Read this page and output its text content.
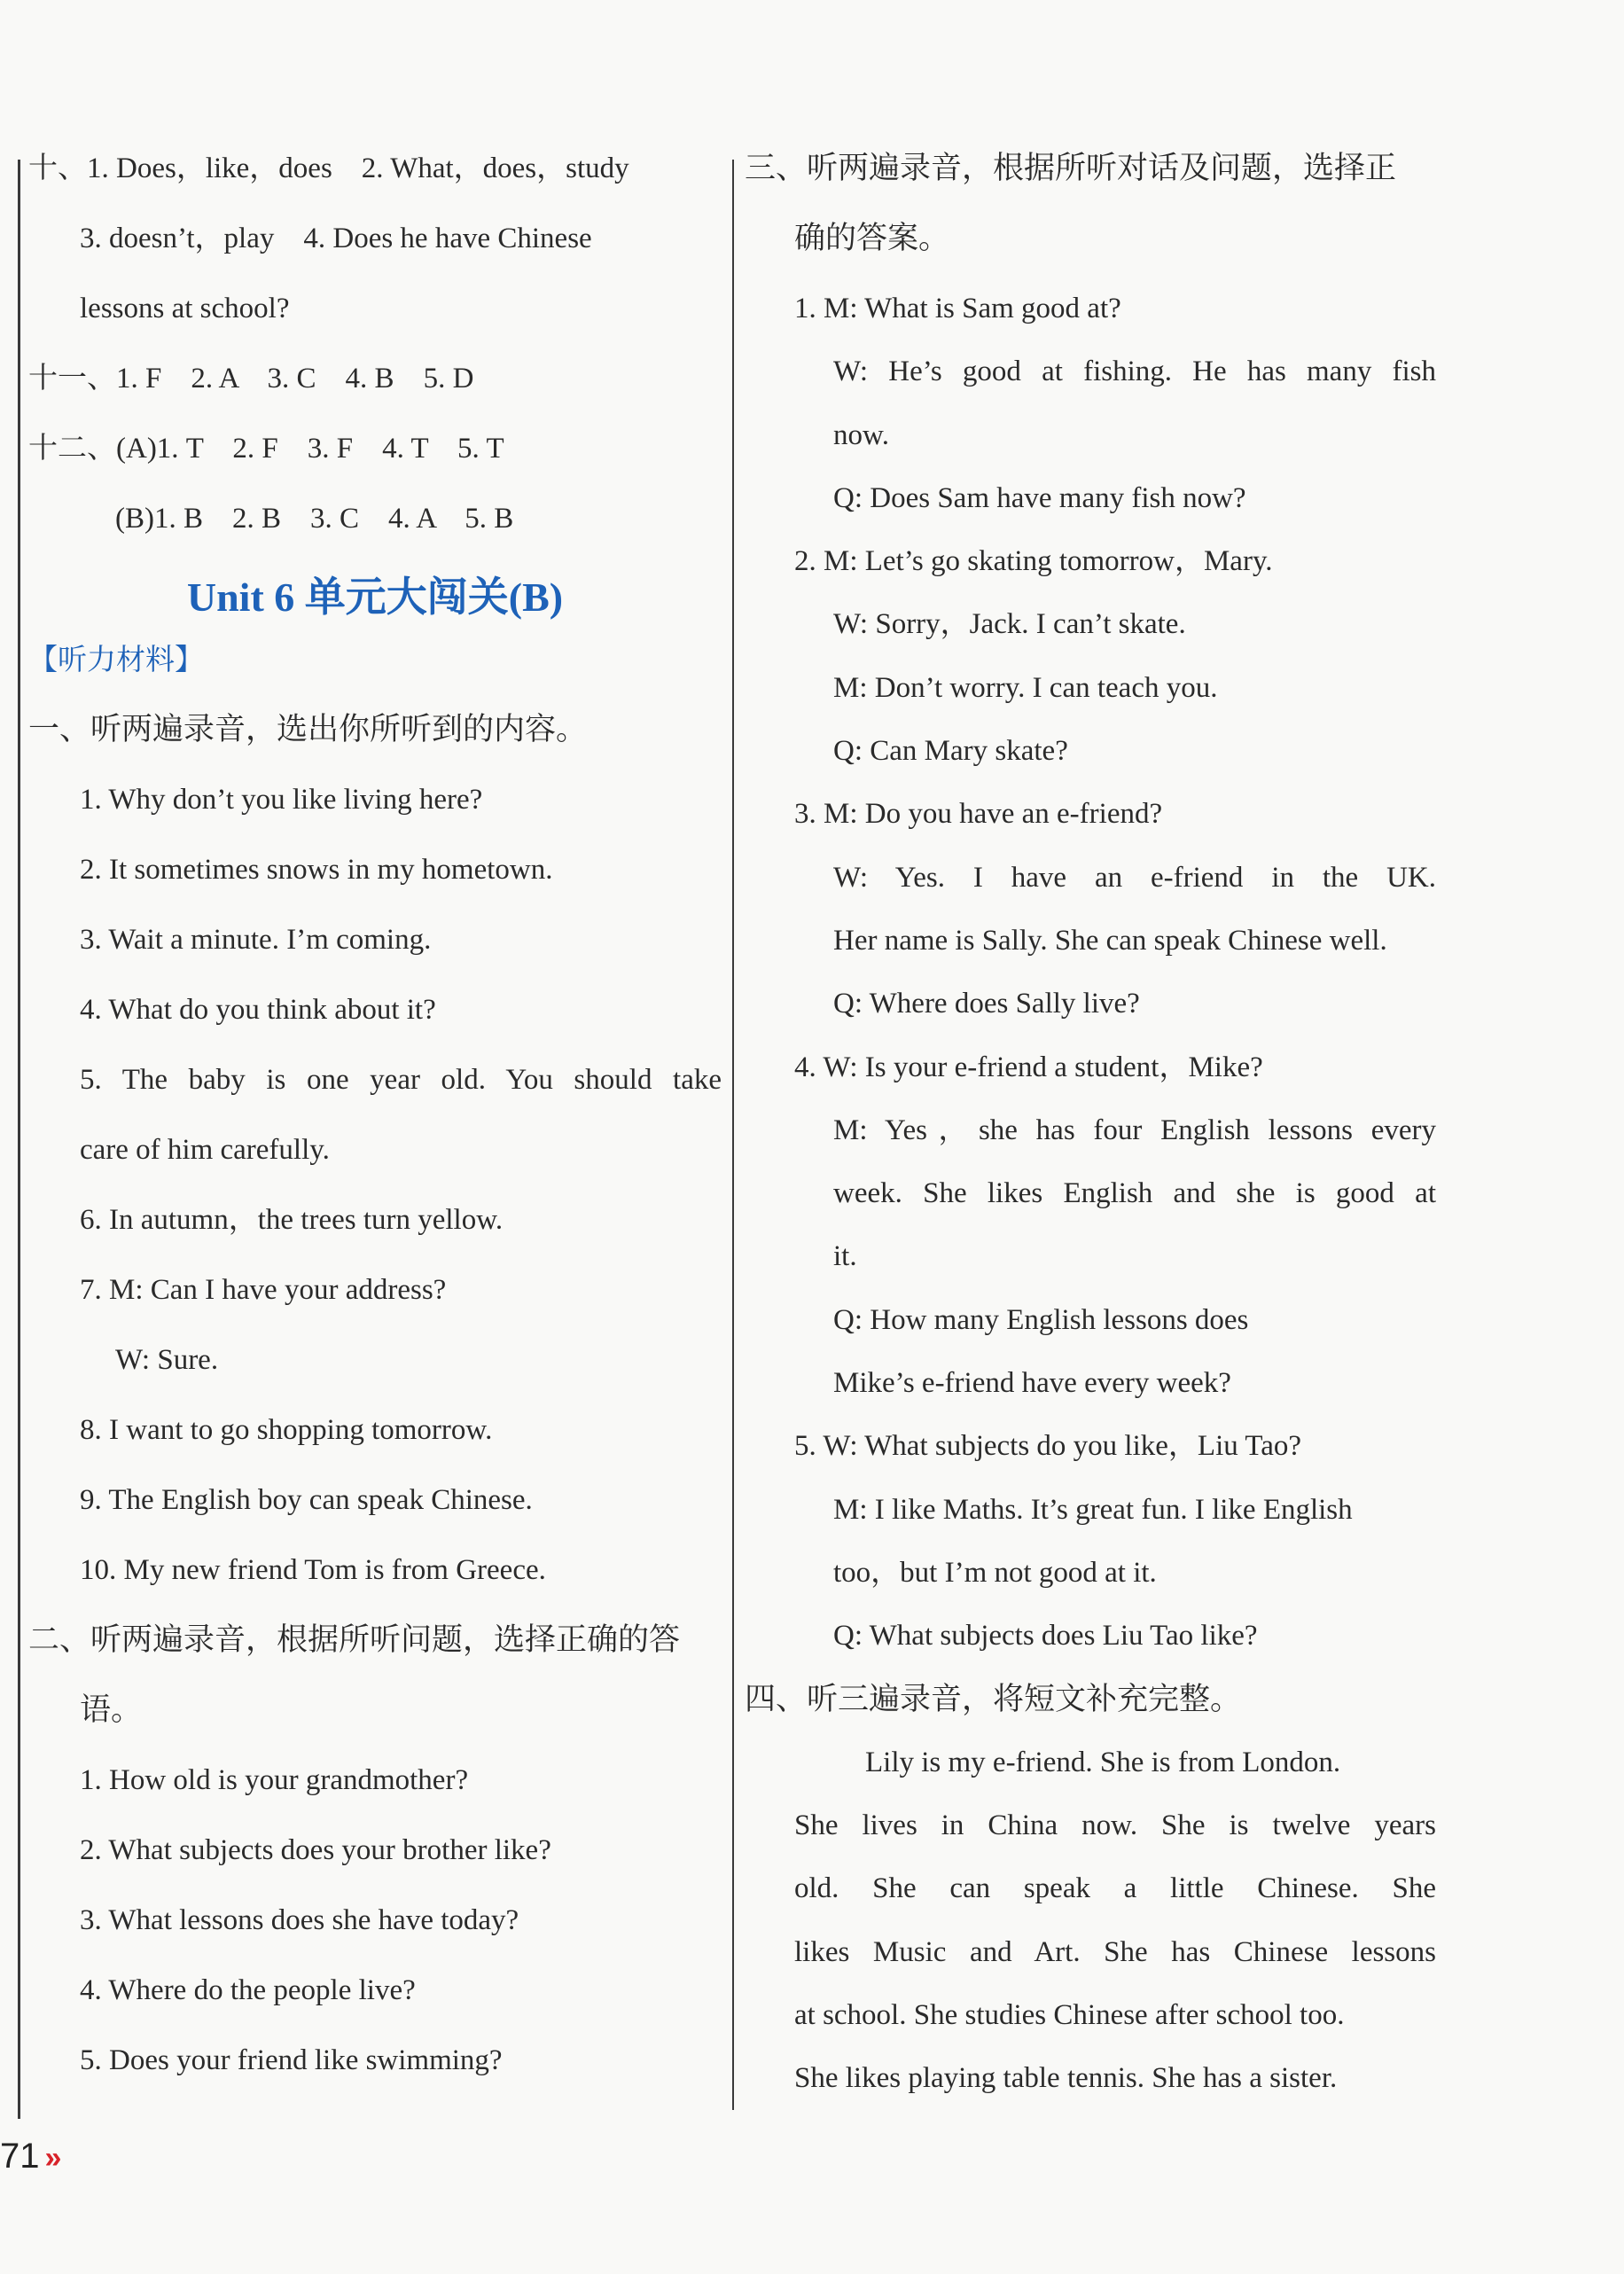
十、1. Does，like，does　2. What，does，study
3. doesn’t，play　4. Does he have Chinese
lessons at school?
十一、1. F　2. A　3. C　4. B　5. D
十二、(A)1. T　2. F　3. F　4. T　5. T
(B)1. B　2. B　3. C　4. A　5. B
Unit 6 单元大闯关(B)
【听力材料】
一、听两遍录音，选出你所听到的内容。
1. Why don’t you like living here?
2. It sometimes snows in my hometown.
3. Wait a minute. I’m coming.
4. What do you think about it?
5. The baby is one year old. You should take
care of him carefully.
6. In autumn，the trees turn yellow.
7. M: Can I have your address?
W: Sure.
8. I want to go shopping tomorrow.
9. The English boy can speak Chinese.
10. My new friend Tom is from Greece.
二、听两遍录音，根据所听问题，选择正确的答
语。
1. How old is your grandmother?
2. What subjects does your brother like?
3. What lessons does she have today?
4. Where do the people live?
5. Does your friend like swimming?
三、听两遍录音，根据所听对话及问题，选择正
确的答案。
1. M: What is Sam good at?
W: He’s good at fishing. He has many fish
now.
Q: Does Sam have many fish now?
2. M: Let’s go skating tomorrow，Mary.
W: Sorry，Jack. I can’t skate.
M: Don’t worry. I can teach you.
Q: Can Mary skate?
3. M: Do you have an e-friend?
W: Yes. I have an e-friend in the UK.
Her name is Sally. She can speak Chinese well.
Q: Where does Sally live?
4. W: Is your e-friend a student，Mike?
M: Yes，she has four English lessons every
week. She likes English and she is good at
it.
Q: How many English lessons does
Mike’s e-friend have every week?
5. W: What subjects do you like，Liu Tao?
M: I like Maths. It’s great fun. I like English
too，but I’m not good at it.
Q: What subjects does Liu Tao like?
四、听三遍录音，将短文补充完整。
Lily is my e-friend. She is from London.
She lives in China now. She is twelve years
old. She can speak a little Chinese. She
likes Music and Art. She has Chinese lessons
at school. She studies Chinese after school too.
She likes playing table tennis. She has a sister.
71 »
